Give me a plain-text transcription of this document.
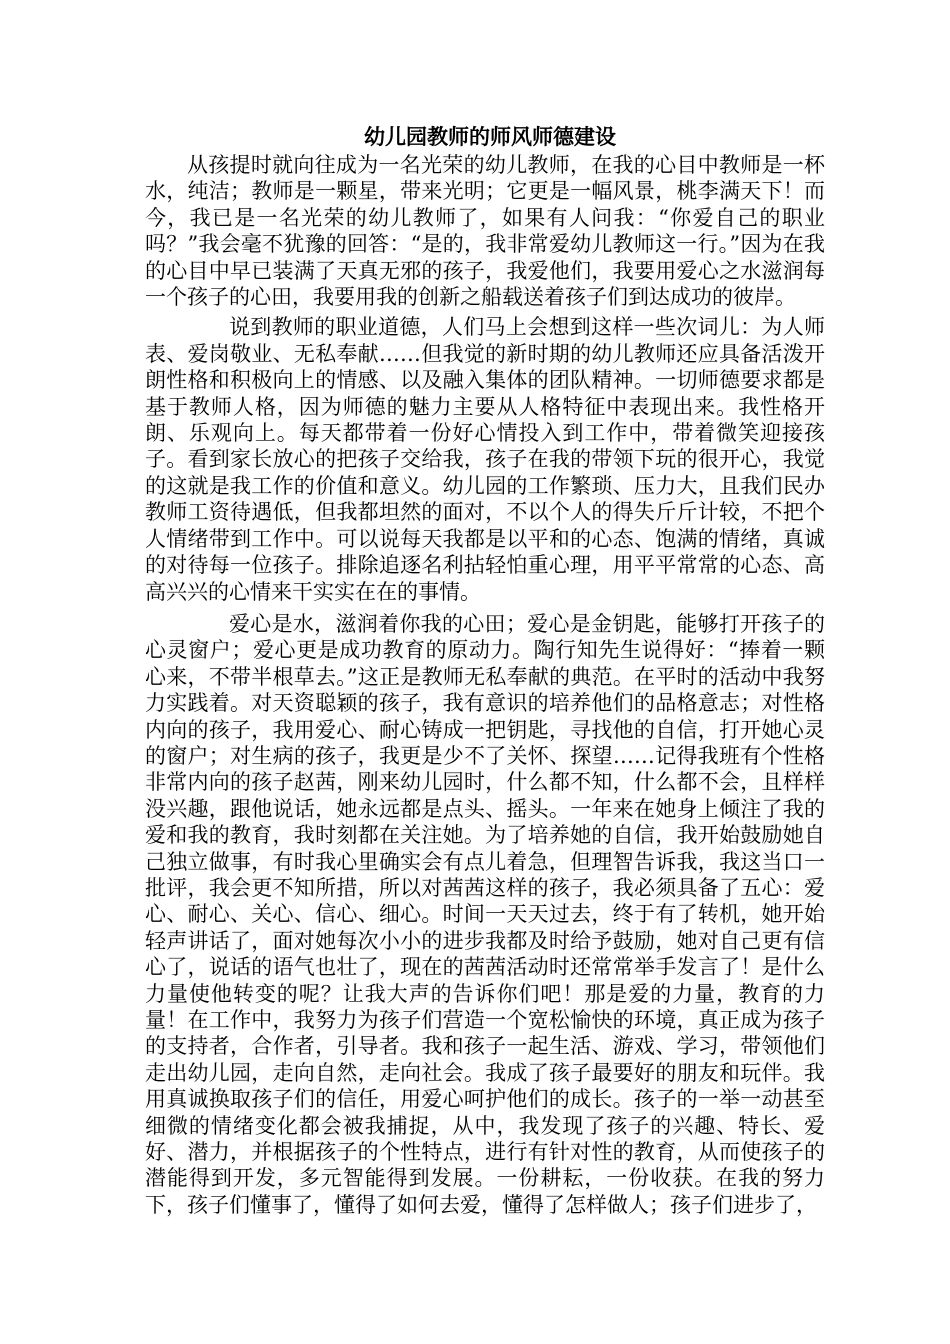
幼儿园教师的师风师德建设

从孩提时就向往成为一名光荣的幼儿教师，在我的心目中教师是一杯水，纯洁；教师是一颗星，带来光明；它更是一幅风景，桃李满天下！而今，我已是一名光荣的幼儿教师了，如果有人问我：“你爱自己的职业吗？”我会毫不犹豫的回答：“是的，我非常爱幼儿教师这一行。”因为在我的心目中早已装满了天真无邪的孩子，我爱他们，我要用爱心之水滋润每一个孩子的心田，我要用我的创新之船载送着孩子们到达成功的彼岸。

说到教师的职业道德，人们马上会想到这样一些次词儿：为人师表、爱岗敬业、无私奉献……但我觉的新时期的幼儿教师还应具备活泼开朗性格和积极向上的情感、以及融入集体的团队精神。一切师德要求都是基于教师人格，因为师德的魅力主要从人格特征中表现出来。我性格开朗、乐观向上。每天都带着一份好心情投入到工作中，带着微笑迎接孩子。看到家长放心的把孩子交给我，孩子在我的带领下玩的很开心，我觉的这就是我工作的价值和意义。幼儿园的工作繁琐、压力大，且我们民办教师工资待遇低，但我都坦然的面对，不以个人的得失斤斤计较，不把个人情绪带到工作中。可以说每天我都是以平和的心态、饱满的情绪，真诚的对待每一位孩子。排除追逐名利拈轻怕重心理，用平平常常的心态、高高兴兴的心情来干实实在在的事情。

爱心是水，滋润着你我的心田；爱心是金钥匙，能够打开孩子的心灵窗户；爱心更是成功教育的原动力。陶行知先生说得好：“捧着一颗心来，不带半根草去。”这正是教师无私奉献的典范。在平时的活动中我努力实践着。对天资聪颖的孩子，我有意识的培养他们的品格意志；对性格内向的孩子，我用爱心、耐心铸成一把钥匙，寻找他的自信，打开她心灵的窗户；对生病的孩子，我更是少不了关怀、探望……记得我班有个性格非常内向的孩子赵茜，刚来幼儿园时，什么都不知，什么都不会，且样样没兴趣，跟他说话，她永远都是点头、摇头。一年来在她身上倾注了我的爱和我的教育，我时刻都在关注她。为了培养她的自信，我开始鼓励她自己独立做事，有时我心里确实会有点儿着急，但理智告诉我，我这当口一批评，我会更不知所措，所以对茜茜这样的孩子，我必须具备了五心：爱心、耐心、关心、信心、细心。时间一天天过去，终于有了转机，她开始轻声讲话了，面对她每次小小的进步我都及时给予鼓励，她对自己更有信心了，说话的语气也壮了，现在的茜茜活动时还常常举手发言了！是什么力量使他转变的呢？让我大声的告诉你们吧！那是爱的力量，教育的力量！在工作中，我努力为孩子们营造一个宽松愉快的环境，真正成为孩子的支持者，合作者，引导者。我和孩子一起生活、游戏、学习，带领他们走出幼儿园，走向自然，走向社会。我成了孩子最要好的朋友和玩伴。我用真诚换取孩子们的信任，用爱心呵护他们的成长。孩子的一举一动甚至细微的情绪变化都会被我捕捉，从中，我发现了孩子的兴趣、特长、爱好、潜力，并根据孩子的个性特点，进行有针对性的教育，从而使孩子的潜能得到开发，多元智能得到发展。一份耕耘，一份收获。在我的努力下，孩子们懂事了，懂得了如何去爱，懂得了怎样做人；孩子们进步了，
